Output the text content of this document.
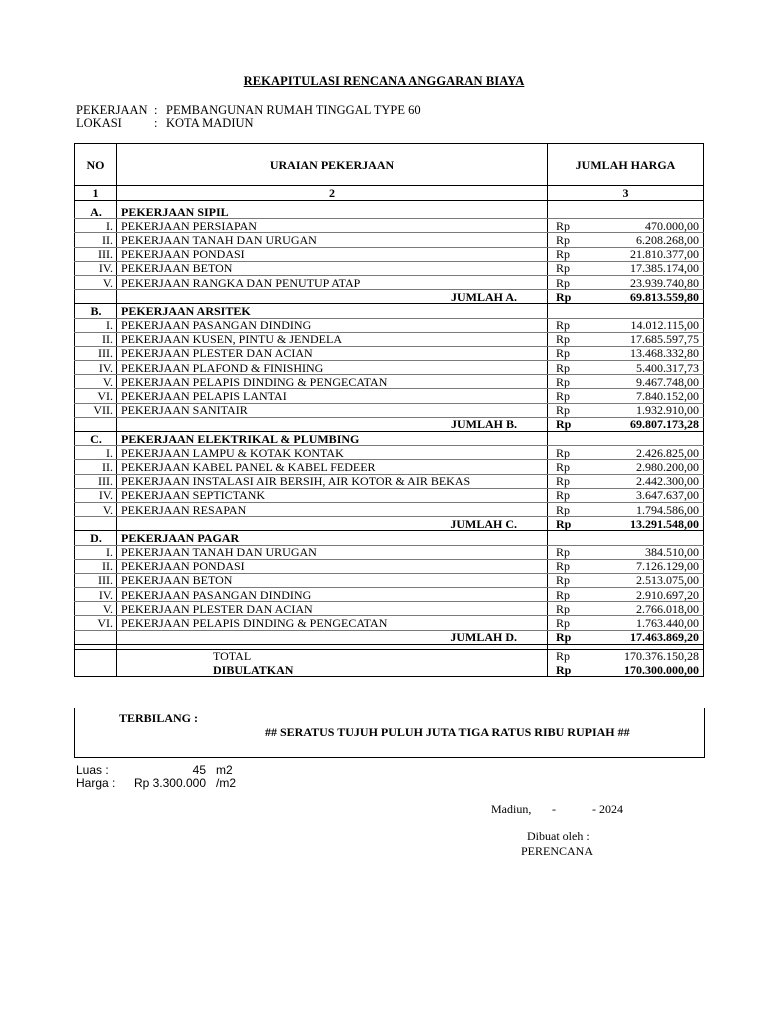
REKAPITULASI RENCANA ANGGARAN BIAYA
PEKERJAAN : PEMBANGUNAN RUMAH TINGGAL TYPE 60
LOKASI	: KOTA MADIUN
NO	URAIAN PEKERJAAN	JUMLAH HARGA
1	2	3

A.	PEKERJAAN SIPIL	
I.	PEKERJAAN PERSIAPAN	Rp 470.000,00

II.	PEKERJAAN TANAH DAN URUGAN	Rp 6.208.268,00

III.	PEKERJAAN PONDASI	Rp 21.810.377,00

IV.	PEKERJAAN BETON	Rp 17.385.174,00

V.	PEKERJAAN RANGKA DAN PENUTUP ATAP	Rp 23.939.740,80

	JUMLAH A.	Rp 69.813.559,80

B.	PEKERJAAN ARSITEK	
I.	PEKERJAAN PASANGAN DINDING	Rp 14.012.115,00

II.	PEKERJAAN KUSEN, PINTU & JENDELA	Rp 17.685.597,75

III.	PEKERJAAN PLESTER DAN ACIAN	Rp 13.468.332,80

IV.	PEKERJAAN PLAFOND & FINISHING	Rp 5.400.317,73

V.	PEKERJAAN PELAPIS DINDING & PENGECATAN	Rp 9.467.748,00

VI.	PEKERJAAN PELAPIS LANTAI	Rp 7.840.152,00

VII.	PEKERJAAN SANITAIR	Rp 1.932.910,00

	JUMLAH B.	Rp 69.807.173,28

C.	PEKERJAAN ELEKTRIKAL & PLUMBING	
I.	PEKERJAAN LAMPU & KOTAK KONTAK	Rp 2.426.825,00

II.	PEKERJAAN KABEL PANEL & KABEL FEDEER	Rp 2.980.200,00

III.	PEKERJAAN INSTALASI AIR BERSIH, AIR KOTOR & AIR BEKAS	Rp 2.442.300,00

IV.	PEKERJAAN SEPTICTANK	Rp 3.647.637,00

V.	PEKERJAAN RESAPAN	Rp 1.794.586,00

	JUMLAH C.	Rp 13.291.548,00

D.	PEKERJAAN PAGAR	
I.	PEKERJAAN TANAH DAN URUGAN	Rp 384.510,00

II.	PEKERJAAN PONDASI	Rp 7.126.129,00

III.	PEKERJAAN BETON	Rp 2.513.075,00

IV.	PEKERJAAN PASANGAN DINDING	Rp 2.910.697,20

V.	PEKERJAAN PLESTER DAN ACIAN	Rp 2.766.018,00

VI.	PEKERJAAN PELAPIS DINDING & PENGECATAN	Rp 1.763.440,00

	JUMLAH D.	Rp 17.463.869,20

	TOTAL	Rp 170.376.150,28

	DIBULATKAN	Rp 170.300.000,00
TERBILANG :
## SERATUS TUJUH PULUH JUTA TIGA RATUS RIBU RUPIAH ##
Luas :	45 m2
Harga : Rp 3.300.000 /m2
Madiun, -	- 2024
Dibuat oleh :
PERENCANA
